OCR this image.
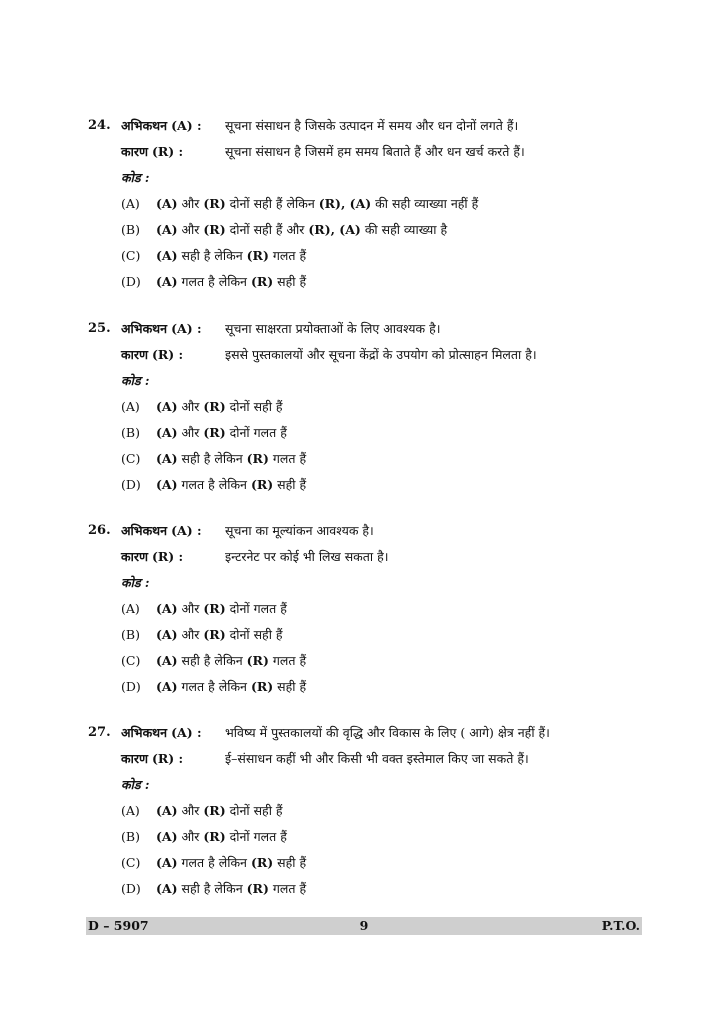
24. अभिकथन (A) : सूचना संसाधन है जिसके उत्पादन में समय और धन दोनों लगते हैं।
कारण (R) :	सूचना संसाधन है जिसमें हम समय बिताते हैं और धन खर्च करते हैं।
कोड :
(A) (A) और (R) दोनों सही हैं लेकिन (R), (A) की सही व्याख्या नहीं हैं
(B) (A) और (R) दोनों सही हैं और (R), (A) की सही व्याख्या है
(C) (A) सही है लेकिन (R) गलत हैं
(D) (A) गलत है लेकिन (R) सही हैं
25. अभिकथन (A) : सूचना साक्षरता प्रयोक्ताओं के लिए आवश्यक है।
कारण (R) :	इससे पुस्तकालयों और सूचना केंद्रों के उपयोग को प्रोत्साहन मिलता है।
कोड :
(A) (A) और (R) दोनों सही हैं
(B) (A) और (R) दोनों गलत हैं
(C) (A) सही है लेकिन (R) गलत हैं
(D) (A) गलत है लेकिन (R) सही हैं
26. अभिकथन (A) : सूचना का मूल्यांकन आवश्यक है।
कारण (R) :	इन्टरनेट पर कोई भी लिख सकता है।
कोड :
(A) (A) और (R) दोनों गलत हैं
(B) (A) और (R) दोनों सही हैं
(C) (A) सही है लेकिन (R) गलत हैं
(D) (A) गलत है लेकिन (R) सही हैं
27. अभिकथन (A) : भविष्य में पुस्तकालयों की वृद्धि और विकास के लिए ( आगे) क्षेत्र नहीं हैं।
कारण (R) :	ई–संसाधन कहीं भी और किसी भी वक्त इस्तेमाल किए जा सकते हैं।
कोड :
(A) (A) और (R) दोनों सही हैं
(B) (A) और (R) दोनों गलत हैं
(C) (A) गलत है लेकिन (R) सही हैं
(D) (A) सही है लेकिन (R) गलत हैं
D – 5907	9	P.T.O.
